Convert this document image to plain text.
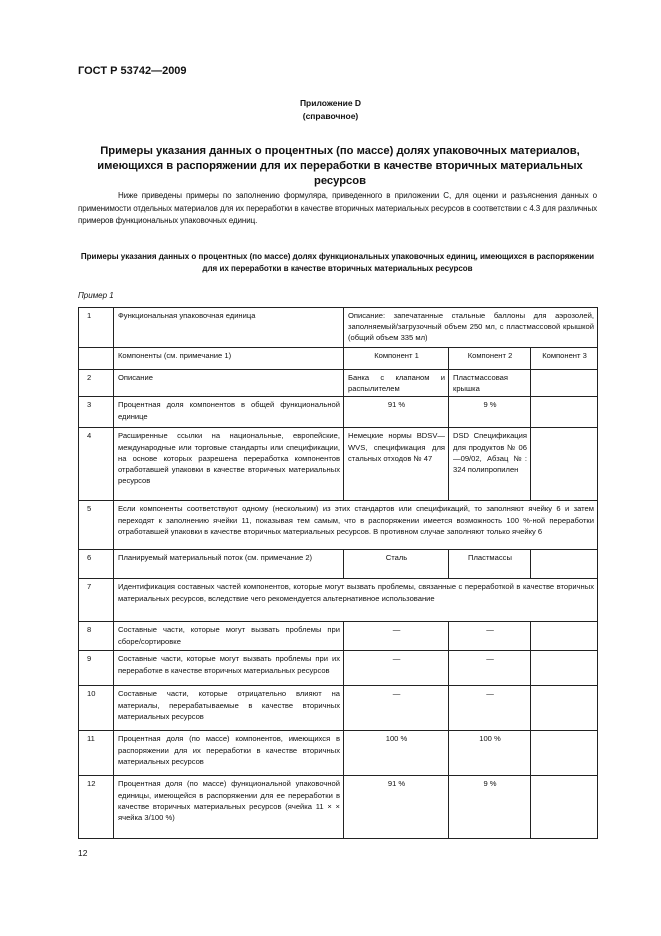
ГОСТ Р 53742—2009
Приложение D
(справочное)
Примеры указания данных о процентных (по массе) долях упаковочных материалов, имеющихся в распоряжении для их переработки в качестве вторичных материальных ресурсов
Ниже приведены примеры по заполнению формуляра, приведенного в приложении С, для оценки и разъяснения данных о применимости отдельных материалов для их переработки в качестве вторичных материальных ресурсов в соответствии с 4.3 для различных примеров функциональных упаковочных единиц.
Примеры указания данных о процентных (по массе) долях функциональных упаковочных единиц, имеющихся в распоряжении для их переработки в качестве вторичных материальных ресурсов
Пример 1
1	Функциональная упаковочная единица	Описание: запечатанные стальные баллоны для аэрозолей, заполняемый/загрузочный объем 250 мл, с пластмассовой крышкой (общий объем 335 мл)		
	Компоненты (см. примечание 1)	Компонент 1	Компонент 2	Компонент 3
2	Описание	Банка с клапаном и распылителем	Пластмассовая крышка	
3	Процентная доля компонентов в общей функциональной единице	91 %	9 %	
4	Расширенные ссылки на национальные, европейские, международные или торговые стандарты или спецификации, на основе которых разрешена переработка компонентов отработавшей упаковки в качестве вторичных материальных ресурсов	Немецкие нормы BDSV—WVS, спецификация для стальных отходов № 47	DSD Спецификация для продуктов № 06—09/02, Абзац №: 324 полипропилен	
5	Если компоненты соответствуют одному (нескольким) из этих стандартов или спецификаций, то заполняют ячейку 6 и затем переходят к заполнению ячейки 11, показывая тем самым, что в распоряжении имеется возможность 100 %-ной переработки отработавшей упаковки в качестве вторичных материальных ресурсов. В противном случае заполняют только ячейку 6			
6	Планируемый материальный поток (см. примечание 2)	Сталь	Пластмассы	
7	Идентификация составных частей компонентов, которые могут вызвать проблемы, связанные с переработкой в качестве вторичных материальных ресурсов, вследствие чего рекомендуется альтернативное использование			
8	Составные части, которые могут вызвать проблемы при сборе/сортировке	—	—	
9	Составные части, которые могут вызвать проблемы при их переработке в качестве вторичных материальных ресурсов	—	—	
10	Составные части, которые отрицательно влияют на материалы, перерабатываемые в качестве вторичных материальных ресурсов	—	—	
11	Процентная доля (по массе) компонентов, имеющихся в распоряжении для их переработки в качестве вторичных материальных ресурсов	100 %	100 %	
12	Процентная доля (по массе) функциональной упаковочной единицы, имеющейся в распоряжении для ее переработки в качестве вторичных материальных ресурсов (ячейка 11 × × ячейка 3/100 %)	91 %	9 %	
12
